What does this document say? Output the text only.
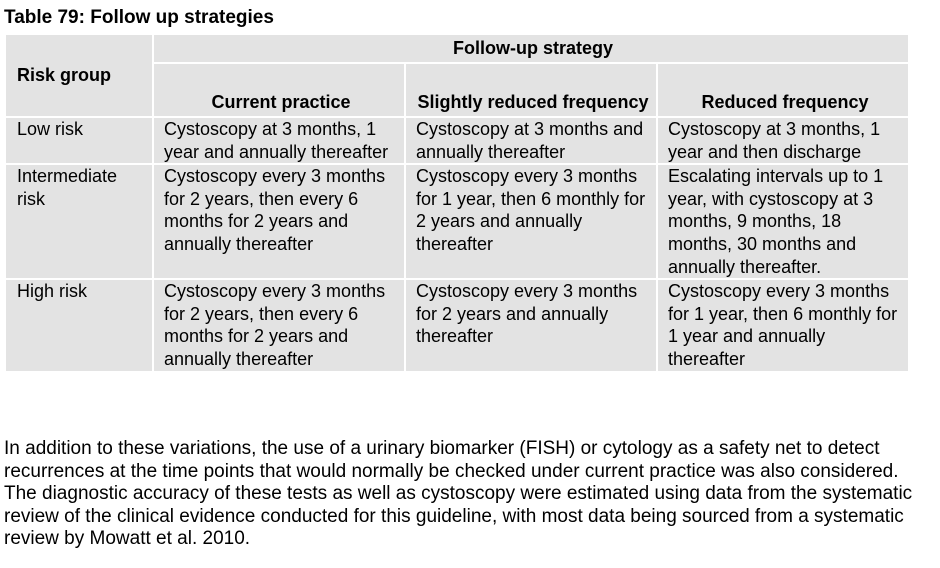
Table 79: Follow up strategies

Risk group	Follow-up strategy		
	Current practice	Slightly reduced frequency	Reduced frequency
Low risk	Cystoscopy at 3 months, 1 year and annually thereafter	Cystoscopy at 3 months and annually thereafter	Cystoscopy at 3 months, 1 year and then discharge
Intermediate risk	Cystoscopy every 3 months for 2 years, then every 6 months for 2 years and annually thereafter	Cystoscopy every 3 months for 1 year, then 6 monthly for 2 years and annually thereafter	Escalating intervals up to 1 year, with cystoscopy at 3 months, 9 months, 18 months, 30 months and annually thereafter.
High risk	Cystoscopy every 3 months for 2 years, then every 6 months for 2 years and annually thereafter	Cystoscopy every 3 months for 2 years and annually thereafter	Cystoscopy every 3 months for 1 year, then 6 monthly for 1 year and annually thereafter

In addition to these variations, the use of a urinary biomarker (FISH) or cytology as a safety net to detect recurrences at the time points that would normally be checked under current practice was also considered. The diagnostic accuracy of these tests as well as cystoscopy were estimated using data from the systematic review of the clinical evidence conducted for this guideline, with most data being sourced from a systematic review by Mowatt et al. 2010.
